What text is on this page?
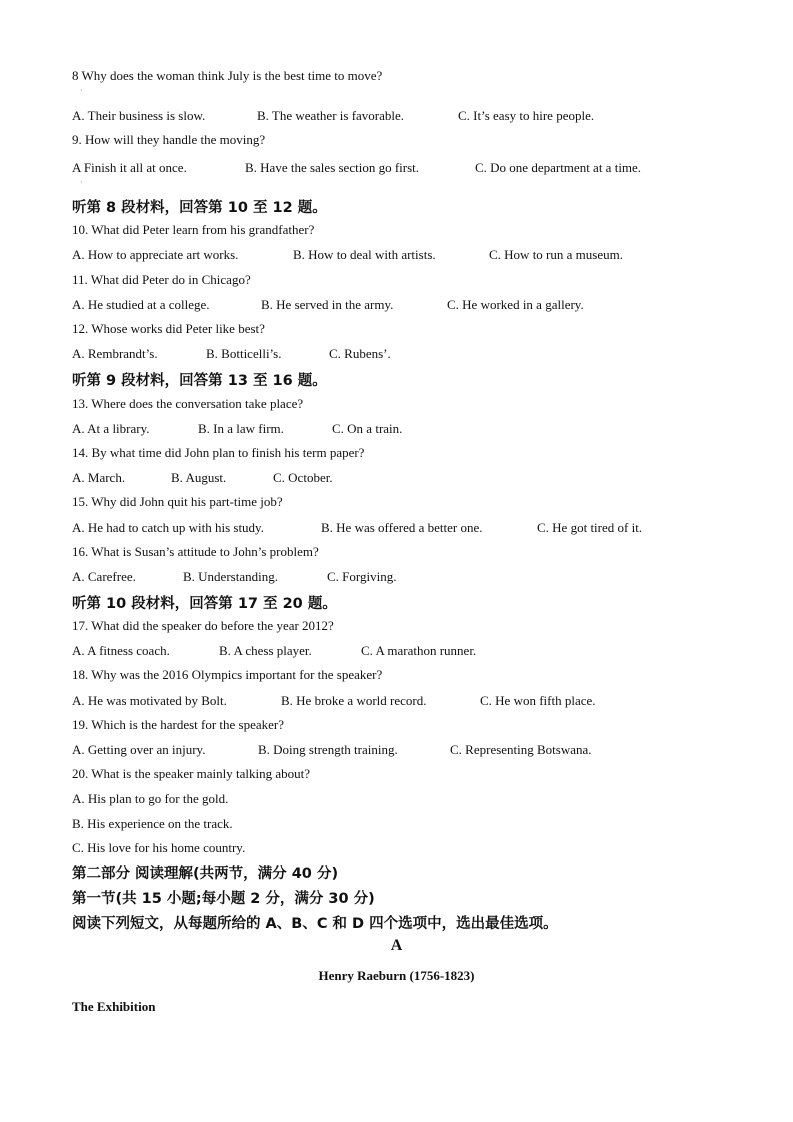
8 Why does the woman think July is the best time to move?
·
A. Their business is slow.	B. The weather is favorable.	C. It’s easy to hire people.
9. How will they handle the moving?
A Finish it all at once.	B. Have the sales section go first.	C. Do one department at a time.
·
听第 8 段材料，回答第 10 至 12 题。
10. What did Peter learn from his grandfather?
A. How to appreciate art works.	B. How to deal with artists.	C. How to run a museum.
11. What did Peter do in Chicago?
A. He studied at a college.	B. He served in the army.	C. He worked in a gallery.
12. Whose works did Peter like best?
A. Rembrandt’s.	B. Botticelli’s.	C. Rubens’.
听第 9 段材料，回答第 13 至 16 题。
13. Where does the conversation take place?
A. At a library.	B. In a law firm.	C. On a train.
14. By what time did John plan to finish his term paper?
A. March.	B. August.	C. October.
15. Why did John quit his part-time job?
A. He had to catch up with his study.	B. He was offered a better one.	C. He got tired of it.
16. What is Susan’s attitude to John’s problem?
A. Carefree.	B. Understanding.	C. Forgiving.
听第 10 段材料，回答第 17 至 20 题。
17. What did the speaker do before the year 2012?
A. A fitness coach.	B. A chess player.	C. A marathon runner.
18. Why was the 2016 Olympics important for the speaker?
A. He was motivated by Bolt.	B. He broke a world record.	C. He won fifth place.
19. Which is the hardest for the speaker?
A. Getting over an injury.	B. Doing strength training.	C. Representing Botswana.
20. What is the speaker mainly talking about?
A. His plan to go for the gold.
B. His experience on the track.
C. His love for his home country.
第二部分 阅读理解(共两节，满分 40 分)
第一节(共 15 小题;每小题 2 分，满分 30 分)
阅读下列短文，从每题所给的 A、B、C 和 D 四个选项中，选出最佳选项。
A
Henry Raeburn (1756-1823)
The Exhibition
